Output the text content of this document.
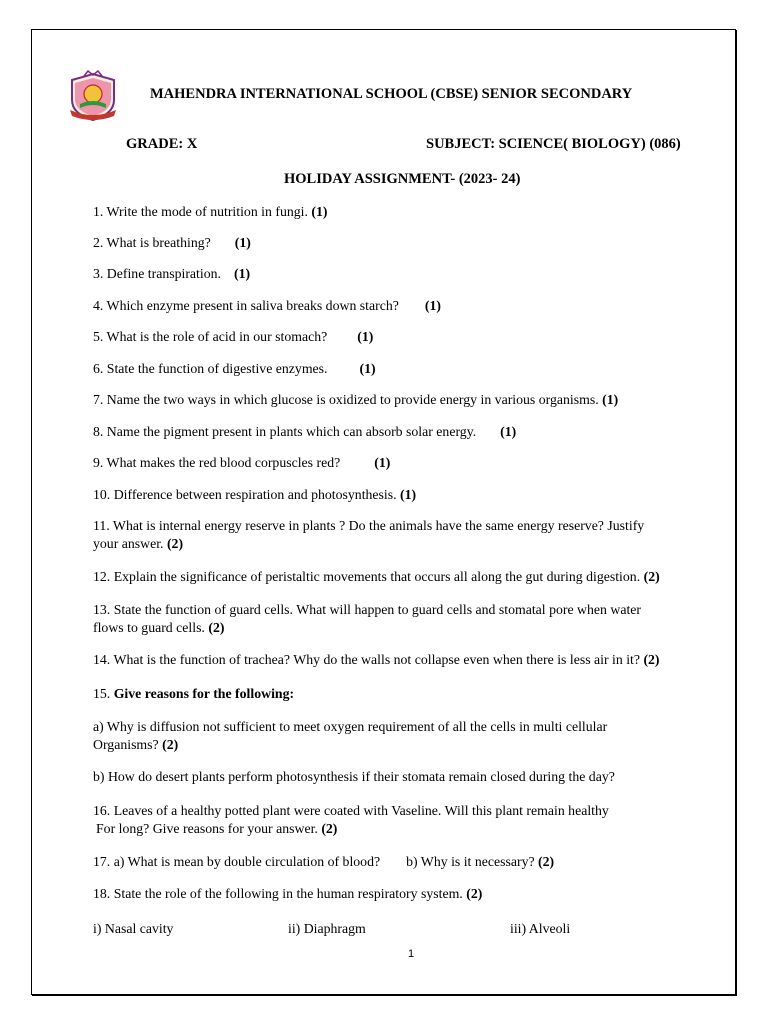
MAHENDRA INTERNATIONAL SCHOOL (CBSE) SENIOR SECONDARY
GRADE: X	SUBJECT: SCIENCE( BIOLOGY) (086)
HOLIDAY ASSIGNMENT- (2023- 24)
1. Write the mode of nutrition in fungi. (1)
2. What is breathing? (1)
3. Define transpiration. (1)
4. Which enzyme present in saliva breaks down starch? (1)
5. What is the role of acid in our stomach? (1)
6. State the function of digestive enzymes. (1)
7. Name the two ways in which glucose is oxidized to provide energy in various organisms. (1)
8. Name the pigment present in plants which can absorb solar energy. (1)
9. What makes the red blood corpuscles red? (1)
10. Difference between respiration and photosynthesis. (1)
11. What is internal energy reserve in plants ? Do the animals have the same energy reserve? Justify
your answer. (2)
12. Explain the significance of peristaltic movements that occurs all along the gut during digestion. (2)
13. State the function of guard cells. What will happen to guard cells and stomatal pore when water
flows to guard cells. (2)
14. What is the function of trachea? Why do the walls not collapse even when there is less air in it? (2)
15. Give reasons for the following:
a) Why is diffusion not sufficient to meet oxygen requirement of all the cells in multi cellular
Organisms? (2)
b) How do desert plants perform photosynthesis if their stomata remain closed during the day?
16. Leaves of a healthy potted plant were coated with Vaseline. Will this plant remain healthy
For long? Give reasons for your answer. (2)
17. a) What is mean by double circulation of blood? b) Why is it necessary? (2)
18. State the role of the following in the human respiratory system. (2)
i) Nasal cavity	ii) Diaphragm	iii) Alveoli
1
